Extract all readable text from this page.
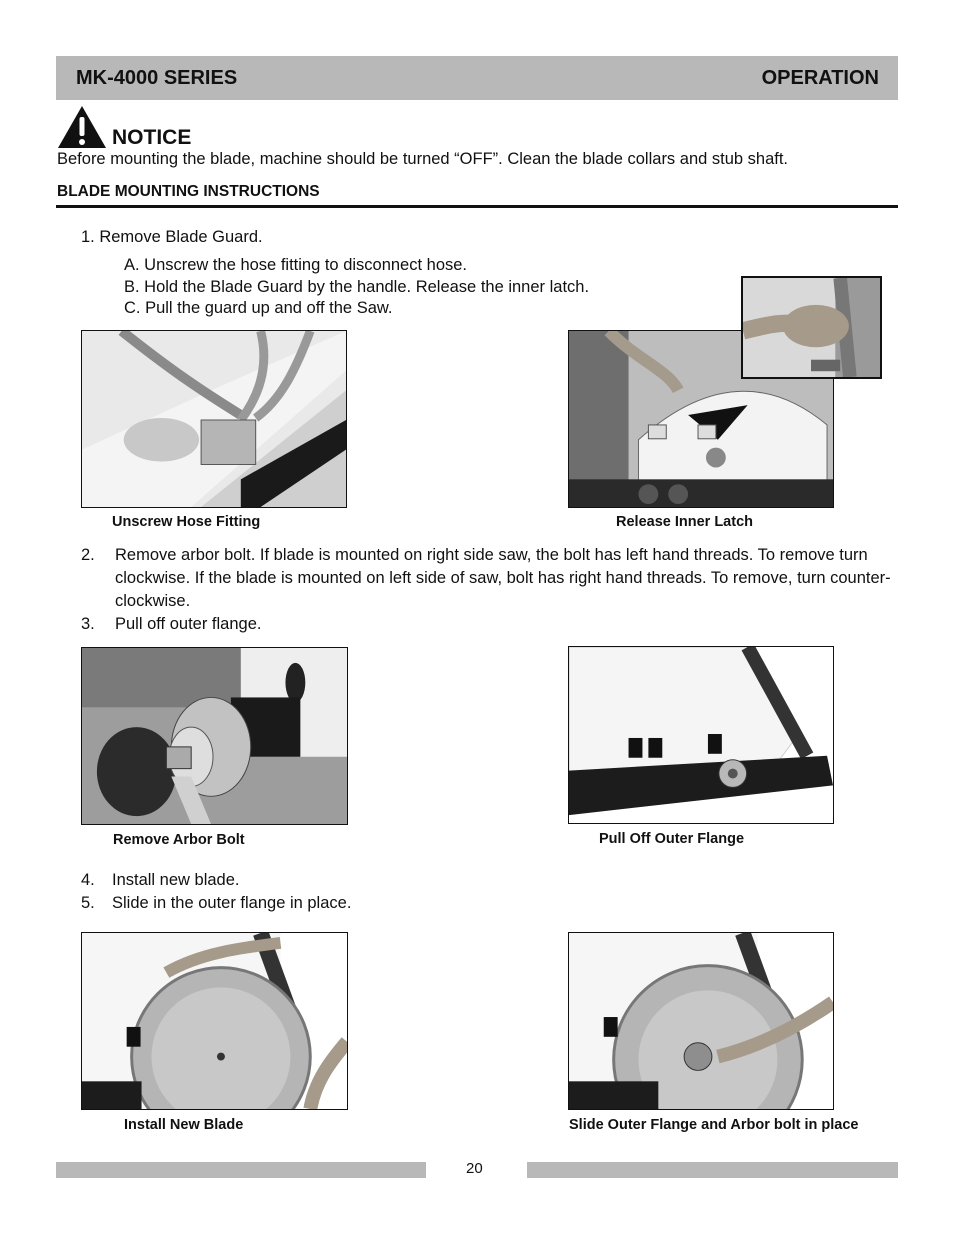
MK-4000 SERIES	OPERATION
NOTICE
Before mounting the blade, machine should be turned “OFF”. Clean the blade collars and stub shaft.
BLADE MOUNTING INSTRUCTIONS
1. Remove Blade Guard.
A. Unscrew the hose fitting to disconnect hose.
B. Hold the Blade Guard by the handle. Release the inner latch.
C. Pull the guard up and off the Saw.
Unscrew Hose Fitting	Release Inner Latch
2. Remove arbor bolt. If blade is mounted on right side saw, the bolt has left hand threads. To remove turn clockwise. If the blade is mounted on left side of saw, bolt has right hand threads. To remove, turn counter-clockwise.
3. Pull off outer flange.
Remove Arbor Bolt	Pull Off Outer Flange
4. Install new blade.
5. Slide in the outer flange in place.
Install New Blade	Slide Outer Flange and Arbor bolt in place
20
